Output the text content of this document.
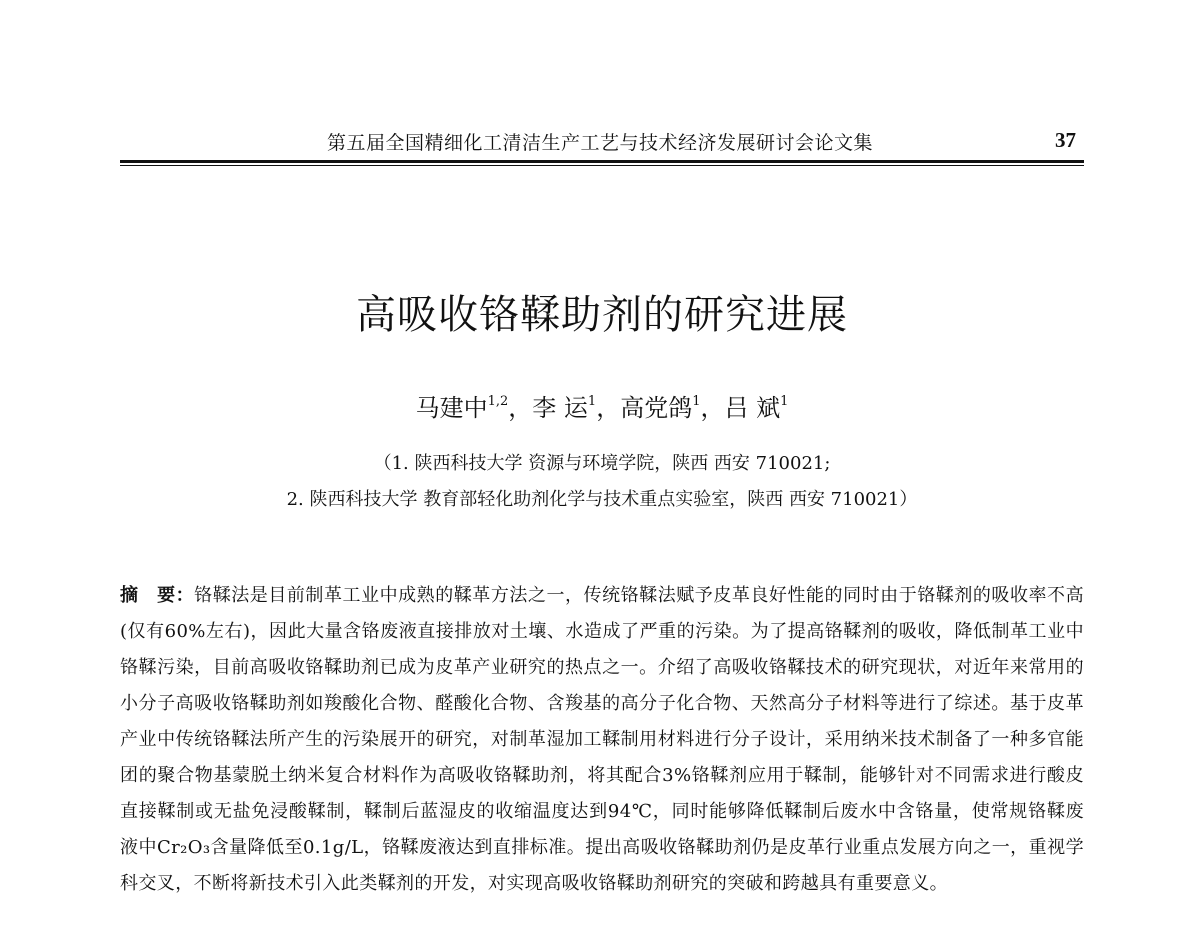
第五届全国精细化工清洁生产工艺与技术经济发展研讨会论文集	37
高吸收铬鞣助剂的研究进展
马建中$^{1,2}$，李 运$^1$，高党鸽$^1$，吕 斌$^1$
（1. 陕西科技大学 资源与环境学院，陕西 西安 710021;
2. 陕西科技大学 教育部轻化助剂化学与技术重点实验室，陕西 西安 710021）
摘　要：铬鞣法是目前制革工业中成熟的鞣革方法之一，传统铬鞣法赋予皮革良好性能的同时由于铬鞣剂的吸收率不高(仅有60%左右)，因此大量含铬废液直接排放对土壤、水造成了严重的污染。为了提高铬鞣剂的吸收，降低制革工业中铬鞣污染，目前高吸收铬鞣助剂已成为皮革产业研究的热点之一。介绍了高吸收铬鞣技术的研究现状，对近年来常用的小分子高吸收铬鞣助剂如羧酸化合物、醛酸化合物、含羧基的高分子化合物、天然高分子材料等进行了综述。基于皮革产业中传统铬鞣法所产生的污染展开的研究，对制革湿加工鞣制用材料进行分子设计，采用纳米技术制备了一种多官能团的聚合物基蒙脱土纳米复合材料作为高吸收铬鞣助剂，将其配合3%铬鞣剂应用于鞣制，能够针对不同需求进行酸皮直接鞣制或无盐免浸酸鞣制，鞣制后蓝湿皮的收缩温度达到94℃，同时能够降低鞣制后废水中含铬量，使常规铬鞣废液中Cr₂O₃含量降低至0.1g/L，铬鞣废液达到直排标准。提出高吸收铬鞣助剂仍是皮革行业重点发展方向之一，重视学科交叉，不断将新技术引入此类鞣剂的开发，对实现高吸收铬鞣助剂研究的突破和跨越具有重要意义。
